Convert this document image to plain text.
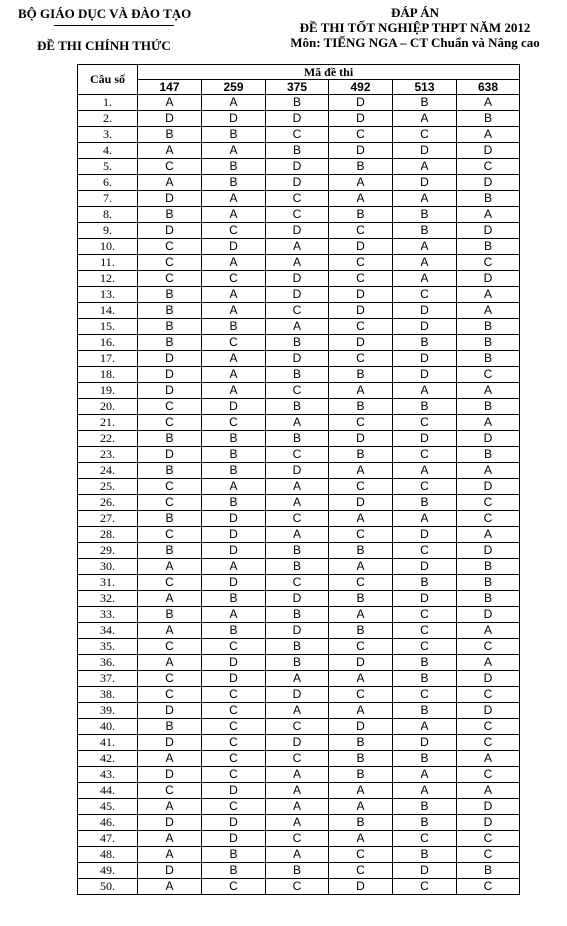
BỘ GIÁO DỤC VÀ ĐÀO TẠO
ĐỀ THI CHÍNH THỨC
ĐÁP ÁN
ĐỀ THI TỐT NGHIỆP THPT NĂM 2012
Môn: TIẾNG NGA – CT Chuẩn và Nâng cao
Câu số	Mã đề thi					
	147	259	375	492	513	638
1.	A	A	B	D	B	A
2.	D	D	D	D	A	B
3.	B	B	C	C	C	A
4.	A	A	B	D	D	D
5.	C	B	D	B	A	C
6.	A	B	D	A	D	D
7.	D	A	C	A	A	B
8.	B	A	C	B	B	A
9.	D	C	D	C	B	D
10.	C	D	A	D	A	B
11.	C	A	A	C	A	C
12.	C	C	D	C	A	D
13.	B	A	D	D	C	A
14.	B	A	C	D	D	A
15.	B	B	A	C	D	B
16.	B	C	B	D	B	B
17.	D	A	D	C	D	B
18.	D	A	B	B	D	C
19.	D	A	C	A	A	A
20.	C	D	B	B	B	B
21.	C	C	A	C	C	A
22.	B	B	B	D	D	D
23.	D	B	C	B	C	B
24.	B	B	D	A	A	A
25.	C	A	A	C	C	D
26.	C	B	A	D	B	C
27.	B	D	C	A	A	C
28.	C	D	A	C	D	A
29.	B	D	B	B	C	D
30.	A	A	B	A	D	B
31.	C	D	C	C	B	B
32.	A	B	D	B	D	B
33.	B	A	B	A	C	D
34.	A	B	D	B	C	A
35.	C	C	B	C	C	C
36.	A	D	B	D	B	A
37.	C	D	A	A	B	D
38.	C	C	D	C	C	C
39.	D	C	A	A	B	D
40.	B	C	C	D	A	C
41.	D	C	D	B	D	C
42.	A	C	C	B	B	A
43.	D	C	A	B	A	C
44.	C	D	A	A	A	A
45.	A	C	A	A	B	D
46.	D	D	A	B	B	D
47.	A	D	C	A	C	C
48.	A	B	A	C	B	C
49.	D	B	B	C	D	B
50.	A	C	C	D	C	C
